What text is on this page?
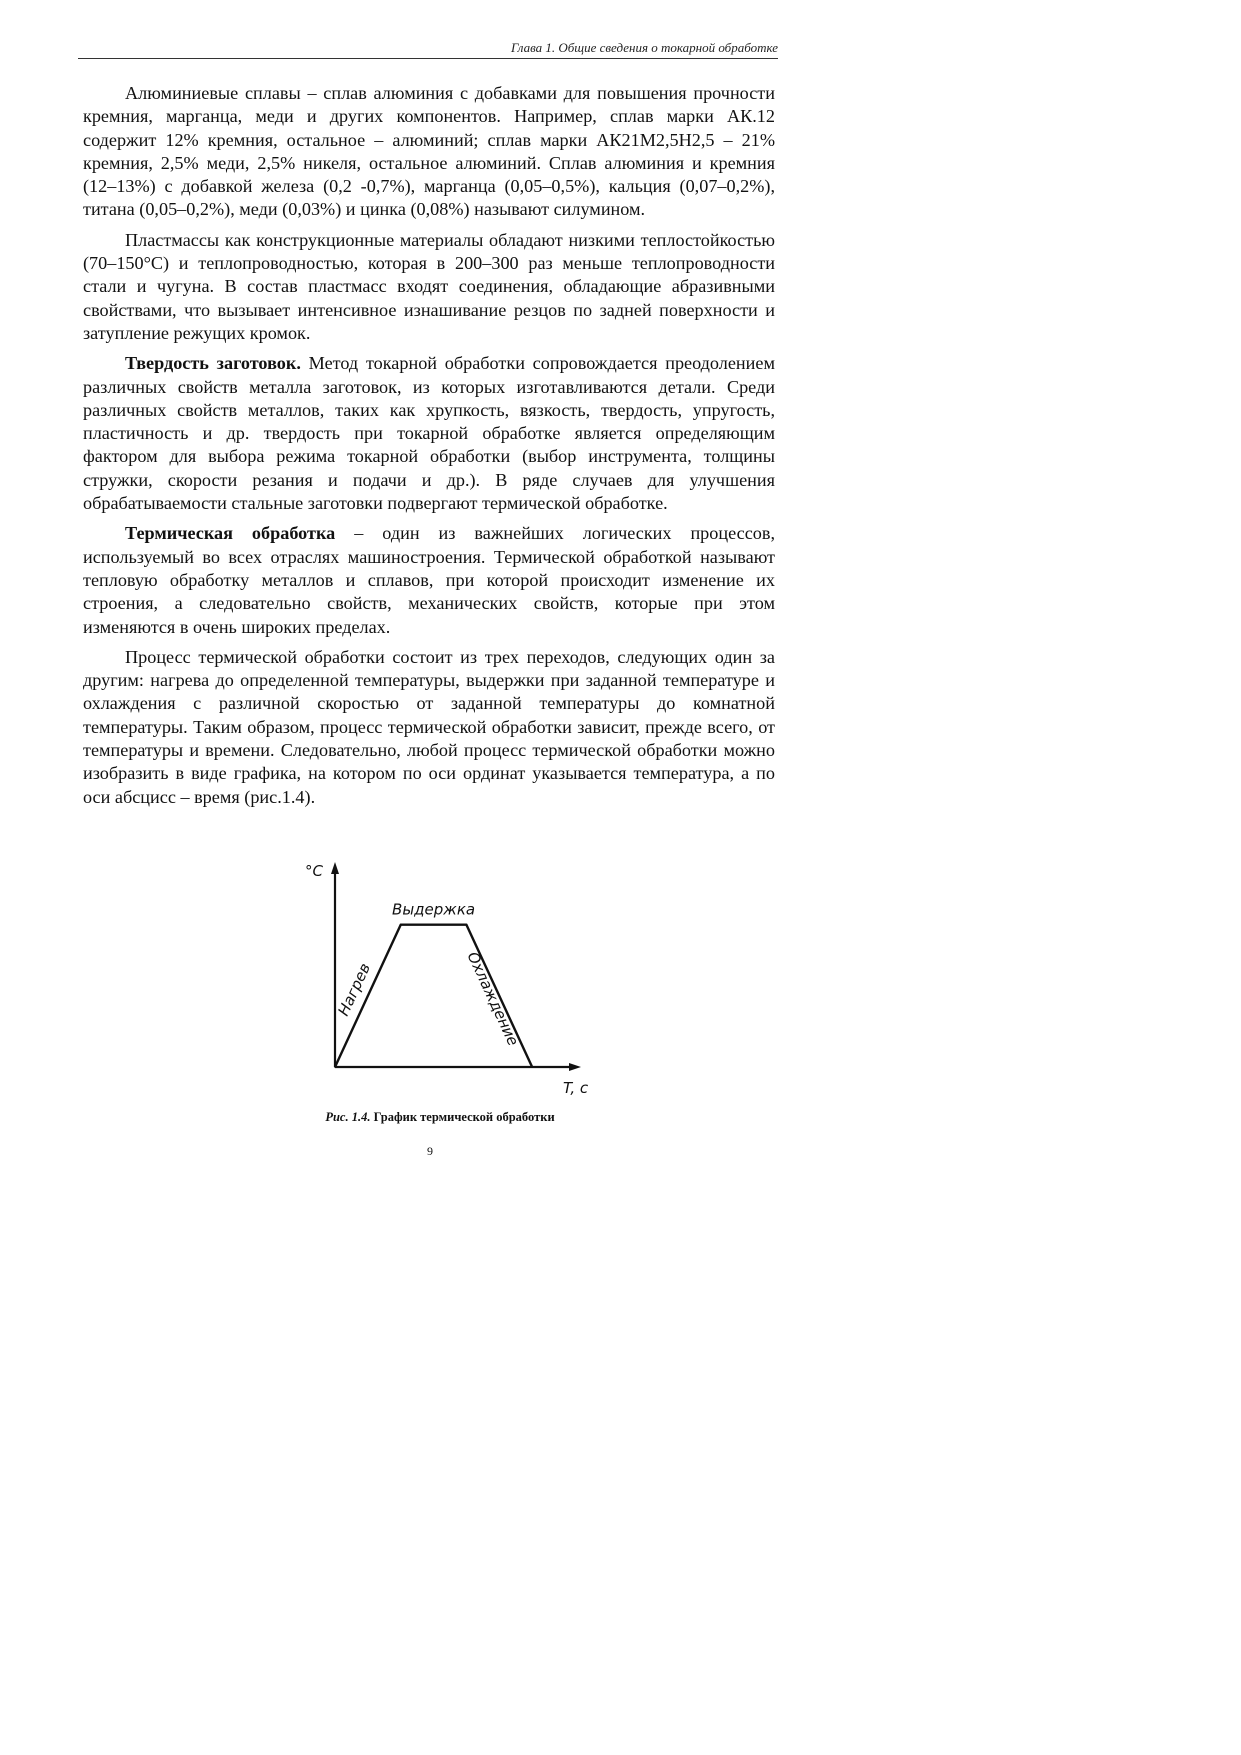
Глава 1. Общие сведения о токарной обработке

Алюминиевые сплавы – сплав алюминия с добавками для повышения прочности кремния, марганца, меди и других компонентов. Например, сплав марки АК.12 содержит 12% кремния, остальное – алюминий; сплав марки АК21М2,5Н2,5 – 21% кремния, 2,5% меди, 2,5% никеля, остальное алюминий. Сплав алюминия и кремния (12–13%) с добавкой железа (0,2 -0,7%), марганца (0,05–0,5%), кальция (0,07–0,2%), титана (0,05–0,2%), меди (0,03%) и цинка (0,08%) называют силумином.

Пластмассы как конструкционные материалы обладают низкими теплостойкостью (70–150°С) и теплопроводностью, которая в 200–300 раз меньше теплопроводности стали и чугуна. В состав пластмасс входят соединения, обладающие абразивными свойствами, что вызывает интенсивное изнашивание резцов по задней поверхности и затупление режущих кромок.

Твердость заготовок. Метод токарной обработки сопровождается преодолением различных свойств металла заготовок, из которых изготавливаются детали. Среди различных свойств металлов, таких как хрупкость, вязкость, твердость, упругость, пластичность и др. твердость при токарной обработке является определяющим фактором для выбора режима токарной обработки (выбор инструмента, толщины стружки, скорости резания и подачи и др.). В ряде случаев для улучшения обрабатываемости стальные заготовки подвергают термической обработке.

Термическая обработка – один из важнейших логических процессов, используемый во всех отраслях машиностроения. Термической обработкой называют тепловую обработку металлов и сплавов, при которой происходит изменение их строения, а следовательно свойств, механических свойств, которые при этом изменяются в очень широких пределах.

Процесс термической обработки состоит из трех переходов, следующих один за другим: нагрева до определенной температуры, выдержки при заданной температуре и охлаждения с различной скоростью от заданной температуры до комнатной температуры. Таким образом, процесс термической обработки зависит, прежде всего, от температуры и времени. Следовательно, любой процесс термической обработки можно изобразить в виде графика, на котором по оси ординат указывается температура, а по оси абсцисс – время (рис.1.4).

°C
T, c
Нагрев
Выдержка
Охлаждение
Рис. 1.4. График термической обработки
9
